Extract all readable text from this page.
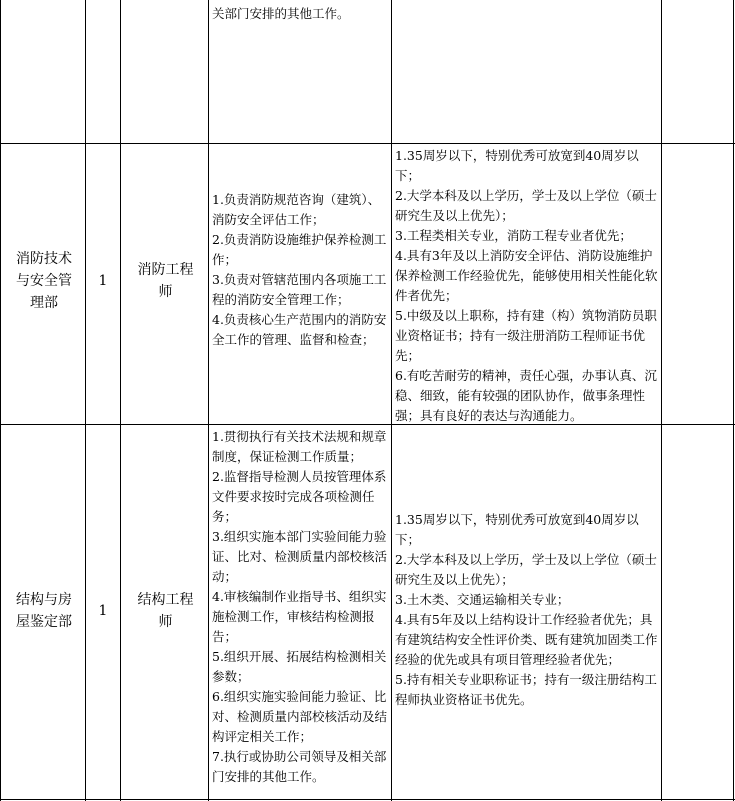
关部门安排的其他工作。
消防技术与安全管理部
1
消防工程师
1.负责消防规范咨询（建筑）、消防安全评估工作；
2.负责消防设施维护保养检测工作；
3.负责对管辖范围内各项施工工程的消防安全管理工作；
4.负责核心生产范围内的消防安全工作的管理、监督和检查；
1.35周岁以下，特别优秀可放宽到40周岁以下；
2.大学本科及以上学历，学士及以上学位（硕士研究生及以上优先）；
3.工程类相关专业，消防工程专业者优先；
4.具有3年及以上消防安全评估、消防设施维护保养检测工作经验优先，能够使用相关性能化软件者优先；
5.中级及以上职称，持有建（构）筑物消防员职业资格证书；持有一级注册消防工程师证书优先；
6.有吃苦耐劳的精神，责任心强，办事认真、沉稳、细致，能有较强的团队协作，做事条理性强；具有良好的表达与沟通能力。
结构与房屋鉴定部
1
结构工程师
1.贯彻执行有关技术法规和规章制度，保证检测工作质量；
2.监督指导检测人员按管理体系文件要求按时完成各项检测任务；
3.组织实施本部门实验间能力验证、比对、检测质量内部校核活动；
4.审核编制作业指导书、组织实施检测工作，审核结构检测报告；
5.组织开展、拓展结构检测相关参数；
6.组织实施实验间能力验证、比对、检测质量内部校核活动及结构评定相关工作；
7.执行或协助公司领导及相关部门安排的其他工作。
1.35周岁以下，特别优秀可放宽到40周岁以下；
2.大学本科及以上学历，学士及以上学位（硕士研究生及以上优先）；
3.土木类、交通运输相关专业；
4.具有5年及以上结构设计工作经验者优先；具有建筑结构安全性评价类、既有建筑加固类工作经验的优先或具有项目管理经验者优先；
5.持有相关专业职称证书；持有一级注册结构工程师执业资格证书优先。
